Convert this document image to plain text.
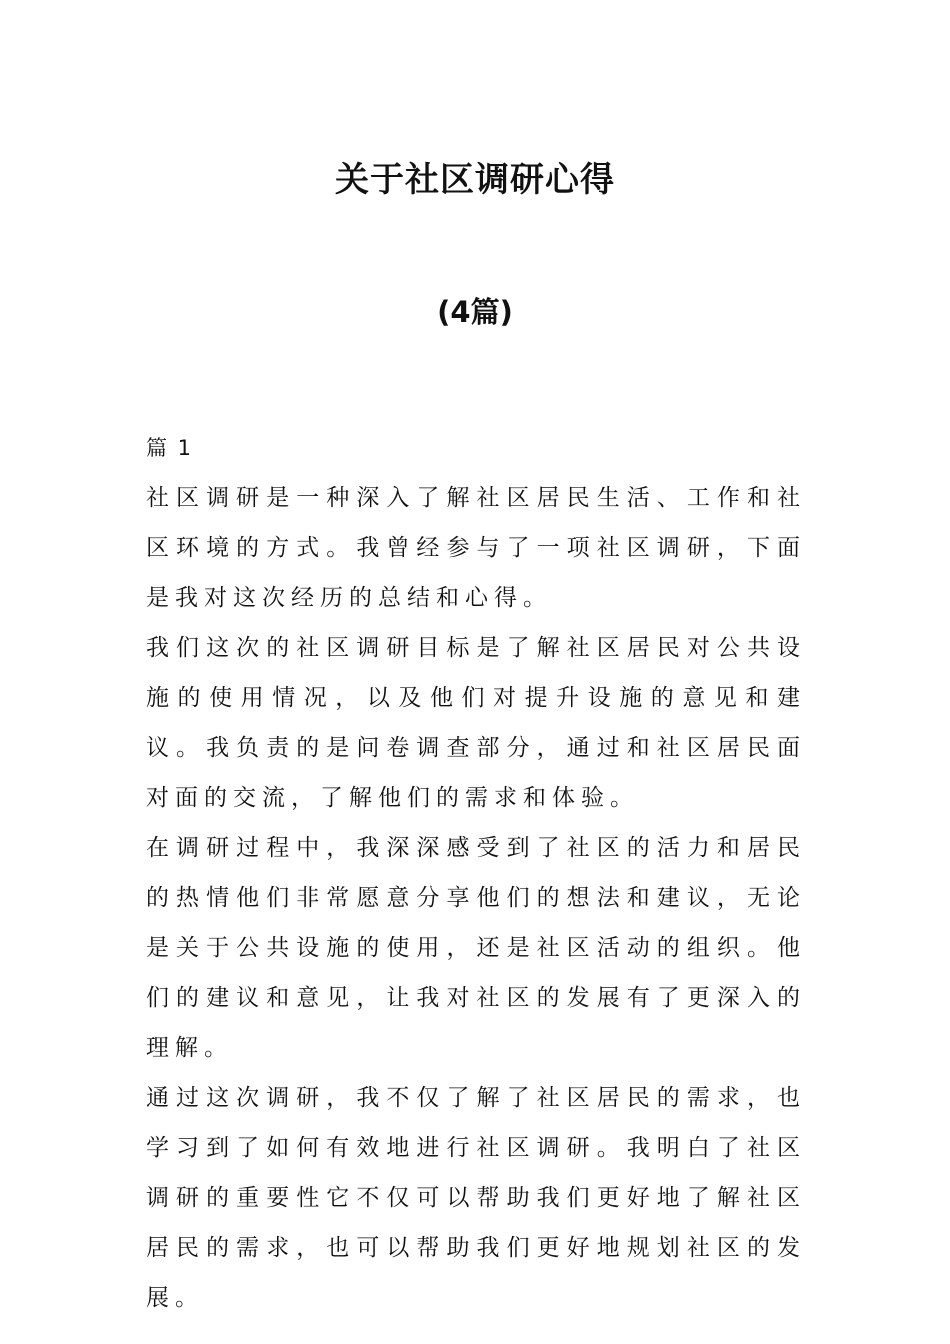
关于社区调研心得
(4篇)
篇 1

社区调研是一种深入了解社区居民生活、工作和社区环境的方式。我曾经参与了一项社区调研，下面是我对这次经历的总结和心得。

我们这次的社区调研目标是了解社区居民对公共设施的使用情况，以及他们对提升设施的意见和建议。我负责的是问卷调查部分，通过和社区居民面对面的交流，了解他们的需求和体验。

在调研过程中，我深深感受到了社区的活力和居民的热情他们非常愿意分享他们的想法和建议，无论是关于公共设施的使用，还是社区活动的组织。他们的建议和意见，让我对社区的发展有了更深入的理解。

通过这次调研，我不仅了解了社区居民的需求，也学习到了如何有效地进行社区调研。我明白了社区调研的重要性它不仅可以帮助我们更好地了解社区居民的需求，也可以帮助我们更好地规划社区的发展。
